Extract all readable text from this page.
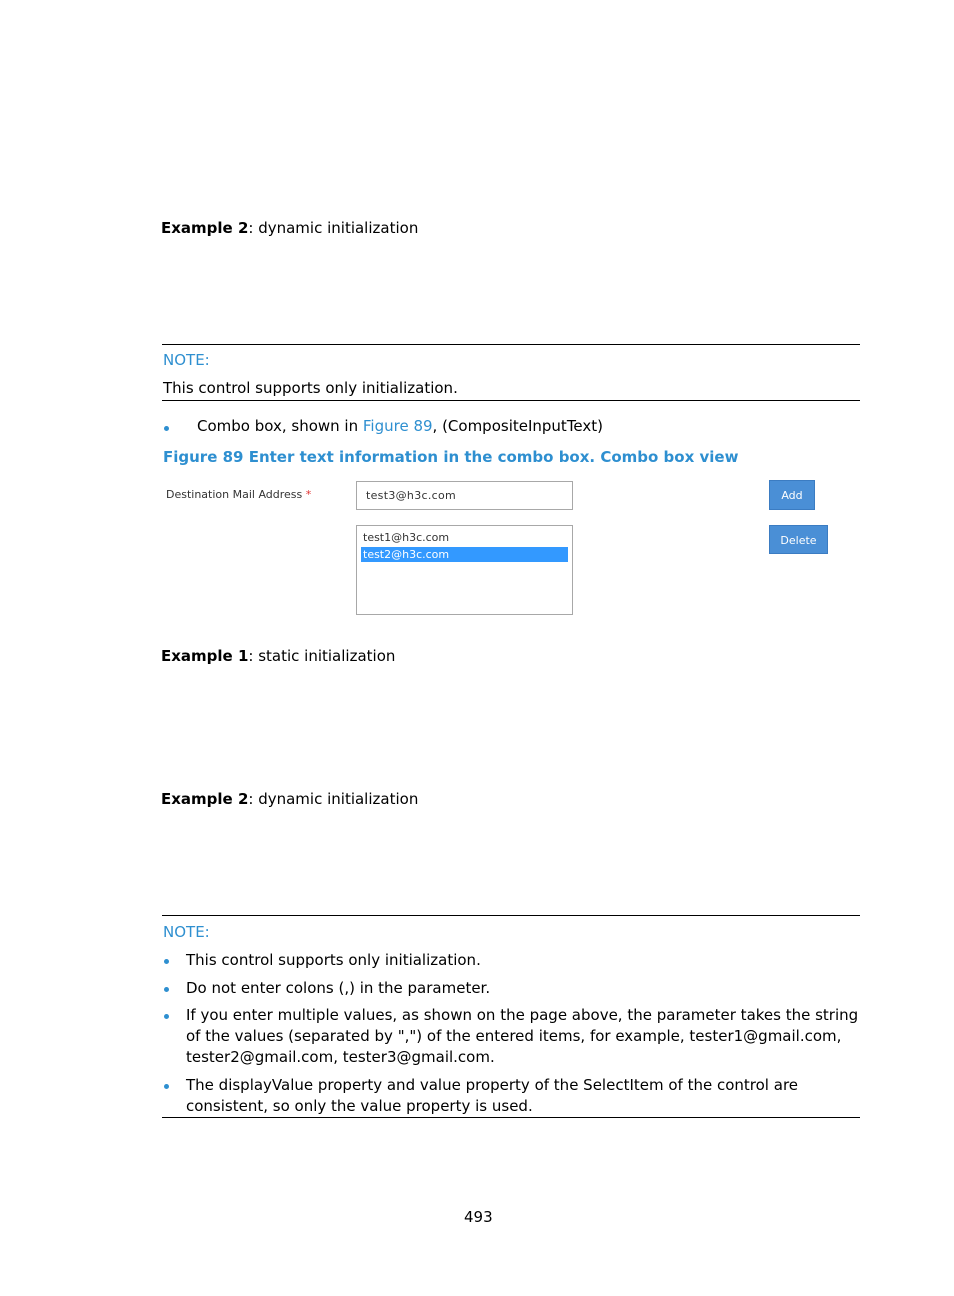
Example 2: dynamic initialization
NOTE:
This control supports only initialization.
Combo box, shown in Figure 89, (CompositeInputText)
Figure 89 Enter text information in the combo box. Combo box view
Destination Mail Address *	test3@h3c.com
test1@h3c.com
test2@h3c.com
Add
Delete
Example 1: static initialization
Example 2: dynamic initialization
NOTE:
This control supports only initialization.
Do not enter colons (,) in the parameter.
If you enter multiple values, as shown on the page above, the parameter takes the string of the values (separated by ",") of the entered items, for example, tester1@gmail.com, tester2@gmail.com, tester3@gmail.com.
The displayValue property and value property of the SelectItem of the control are consistent, so only the value property is used.
493
